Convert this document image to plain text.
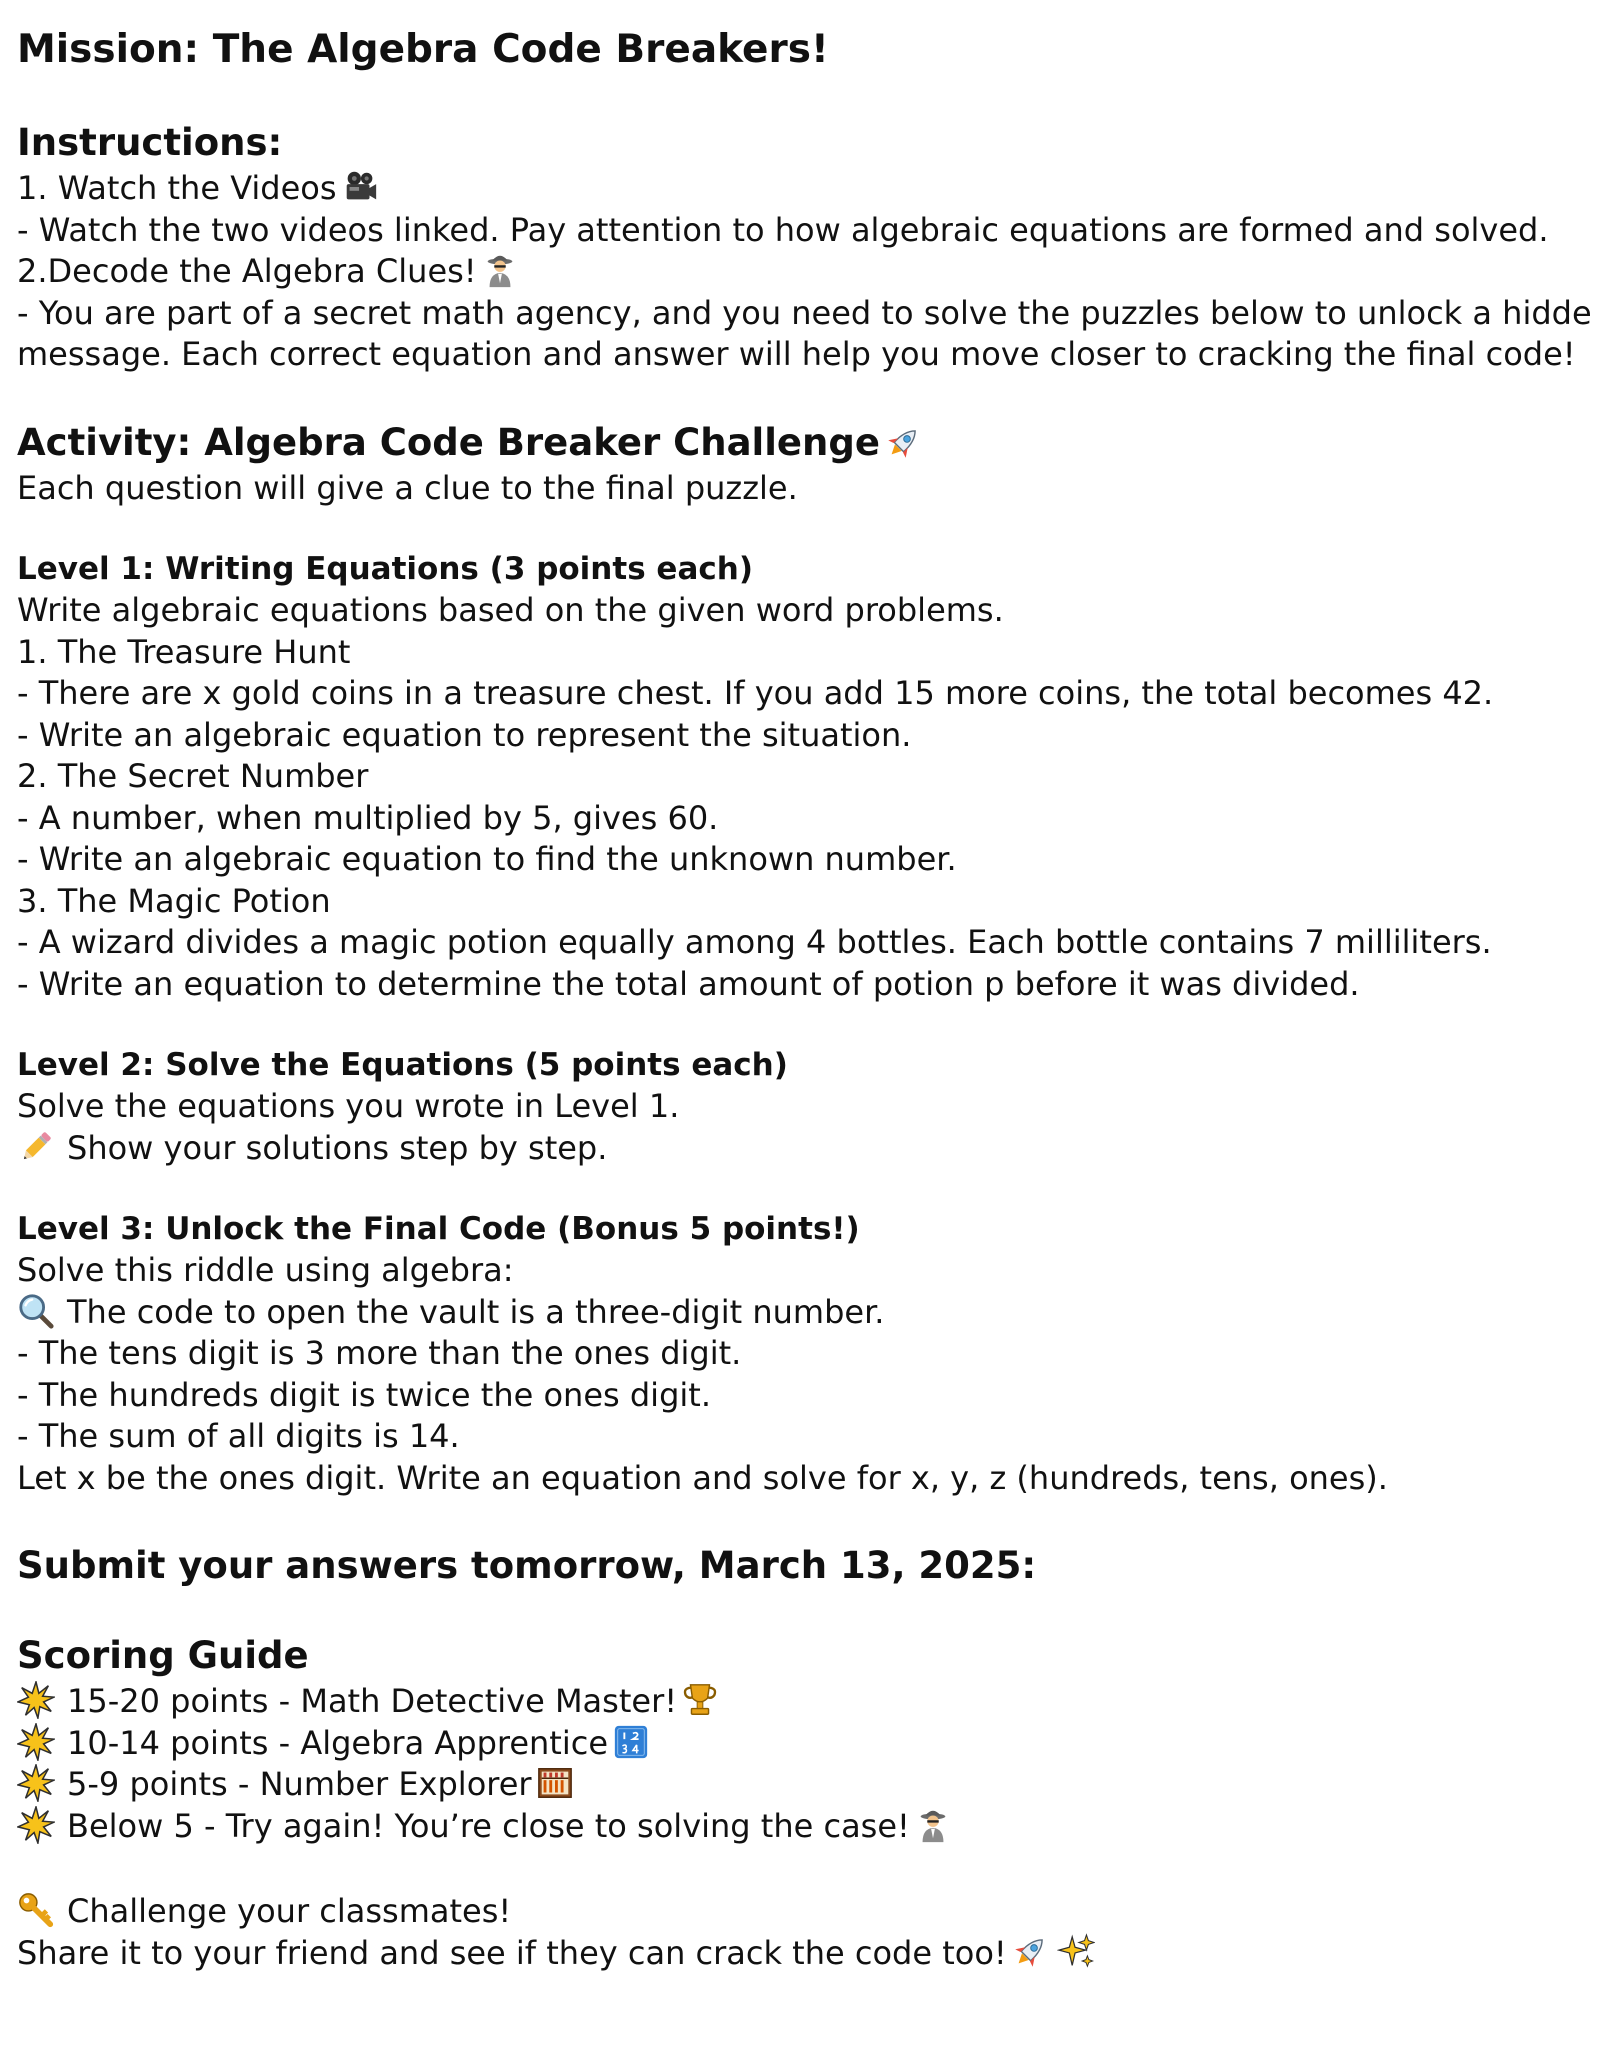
Mission: The Algebra Code Breakers!
Instructions:
1. Watch the Videos
- Watch the two videos linked. Pay attention to how algebraic equations are formed and solved.
2.Decode the Algebra Clues!
- You are part of a secret math agency, and you need to solve the puzzles below to unlock a hidde
message. Each correct equation and answer will help you move closer to cracking the final code!
Activity: Algebra Code Breaker Challenge
Each question will give a clue to the final puzzle.
Level 1: Writing Equations (3 points each)
Write algebraic equations based on the given word problems.
1. The Treasure Hunt
- There are x gold coins in a treasure chest. If you add 15 more coins, the total becomes 42.
- Write an algebraic equation to represent the situation.
2. The Secret Number
- A number, when multiplied by 5, gives 60.
- Write an algebraic equation to find the unknown number.
3. The Magic Potion
- A wizard divides a magic potion equally among 4 bottles. Each bottle contains 7 milliliters.
- Write an equation to determine the total amount of potion p before it was divided.
Level 2: Solve the Equations (5 points each)
Solve the equations you wrote in Level 1.
Show your solutions step by step.
Level 3: Unlock the Final Code (Bonus 5 points!)
Solve this riddle using algebra:
The code to open the vault is a three-digit number.
- The tens digit is 3 more than the ones digit.
- The hundreds digit is twice the ones digit.
- The sum of all digits is 14.
Let x be the ones digit. Write an equation and solve for x, y, z (hundreds, tens, ones).
Submit your answers tomorrow, March 13, 2025:
Scoring Guide
15-20 points - Math Detective Master!
10-14 points - Algebra Apprentice
5-9 points - Number Explorer
Below 5 - Try again! You’re close to solving the case!
Challenge your classmates!
Share it to your friend and see if they can crack the code too!
